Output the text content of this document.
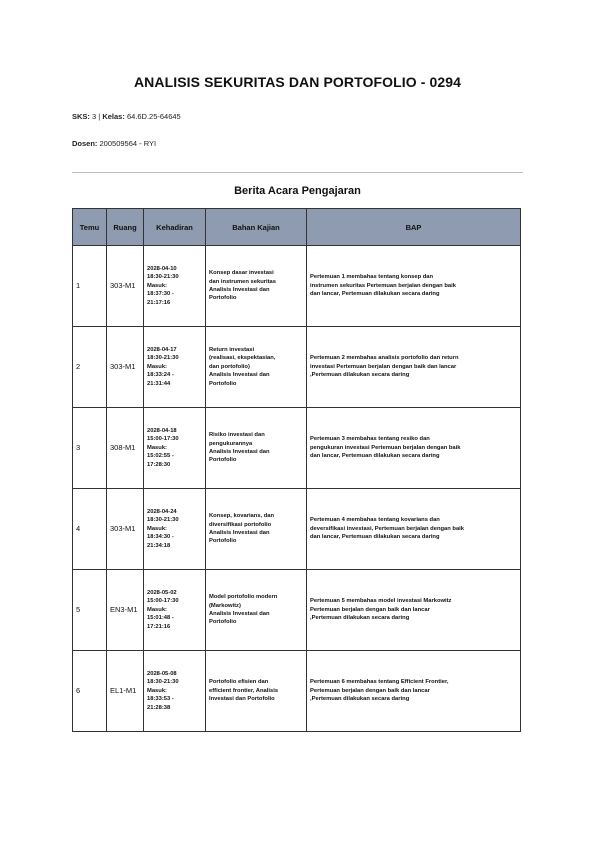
ANALISIS SEKURITAS DAN PORTOFOLIO - 0294
SKS: 3 | Kelas: 64.6D.25-64645
Dosen: 200509564 - RYI
Berita Acara Pengajaran
Temu	Ruang	Kehadiran	Bahan Kajian	BAP
1	303-M1	2028-04-10
18:30-21:30
Masuk:
18:37:30 -
21:17:16	Konsep dasar investasi
dan instrumen sekuritas
Analisis Investasi dan
Portofolio	Pertemuan 1 membahas tentang konsep dan
instrumen sekuritas Pertemuan berjalan dengan baik
dan lancar, Pertemuan dilakukan secara daring

2	303-M1	2028-04-17
18:30-21:30
Masuk:
18:33:24 -
21:31:44	Return investasi
(realisasi, ekspektasian,
dan portofolio)
Analisis Investasi dan
Portofolio	Pertemuan 2 membahas analisis portofolio dan return
investasi Pertemuan berjalan dengan baik dan lancar
,Pertemuan dilakukan secara daring

3	308-M1	2028-04-18
15:00-17:30
Masuk:
15:02:55 -
17:28:30	Risiko investasi dan
pengukurannya
Analisis Investasi dan
Portofolio	Pertemuan 3 membahas tentang resiko dan
pengukuran investasi Pertemuan berjalan dengan baik
dan lancar, Pertemuan dilakukan secara daring

4	303-M1	2028-04-24
18:30-21:30
Masuk:
18:34:30 -
21:34:18	Konsep, kovarians, dan
diversifikasi portofolio
Analisis Investasi dan
Portofolio	Pertemuan 4 membahas tentang kovarians dan
deversifikasi investasi, Pertemuan berjalan dengan baik
dan lancar, Pertemuan dilakukan secara daring

5	EN3-M1	2028-05-02
15:00-17:30
Masuk:
15:01:48 -
17:21:16	Model portofolio modern
(Markowitz)
Analisis Investasi dan
Portofolio	Pertemuan 5 membahas model investasi Markowitz
Pertemuan berjalan dengan baik dan lancar
,Pertemuan dilakukan secara daring

6	EL1-M1	2028-05-08
18:30-21:30
Masuk:
18:33:53 -
21:28:38	Portofolio efisien dan
efficient frontier, Analisis
Investasi dan Portofolio	Pertemuan 6 membahas tentang Efficient Frontier,
Pertemuan berjalan dengan baik dan lancar
,Pertemuan dilakukan secara daring
